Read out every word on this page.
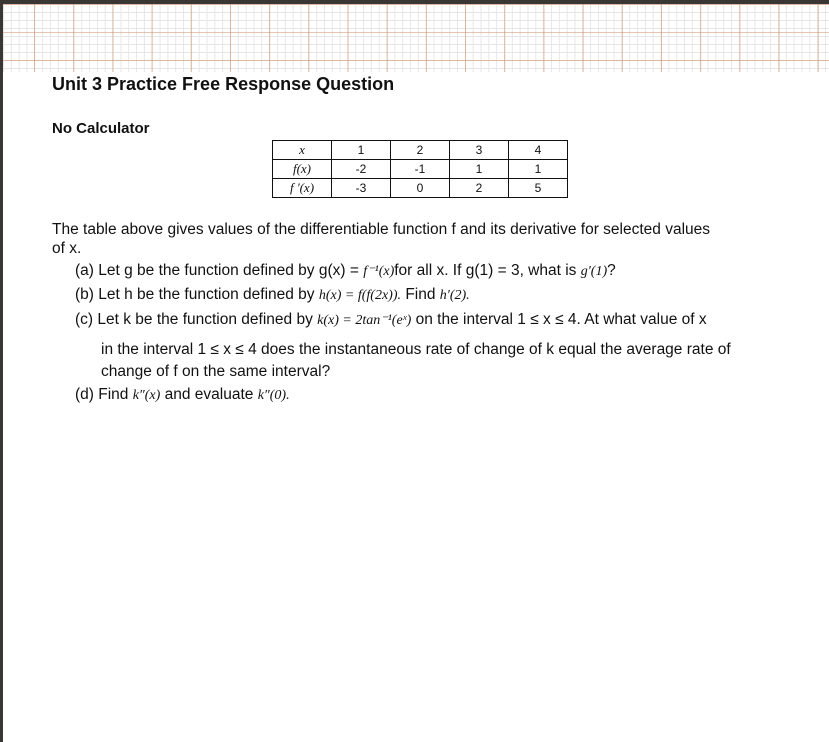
Unit 3 Practice Free Response Question
No Calculator
x	1	2	3	4
f(x)	-2	-1	1	1
f '(x)	-3	0	2	5
The table above gives values of the differentiable function f and its derivative for selected values
of x.
(a) Let g be the function defined by g(x) = f⁻¹(x)for all x. If g(1) = 3, what is g′(1)?
(b) Let h be the function defined by h(x) = f(f(2x)). Find h′(2).
(c) Let k be the function defined by k(x) = 2tan⁻¹(eˣ) on the interval 1 ≤ x ≤ 4. At what value of x
in the interval 1 ≤ x ≤ 4 does the instantaneous rate of change of k equal the average rate of
change of f on the same interval?
(d) Find k″(x) and evaluate k″(0).
